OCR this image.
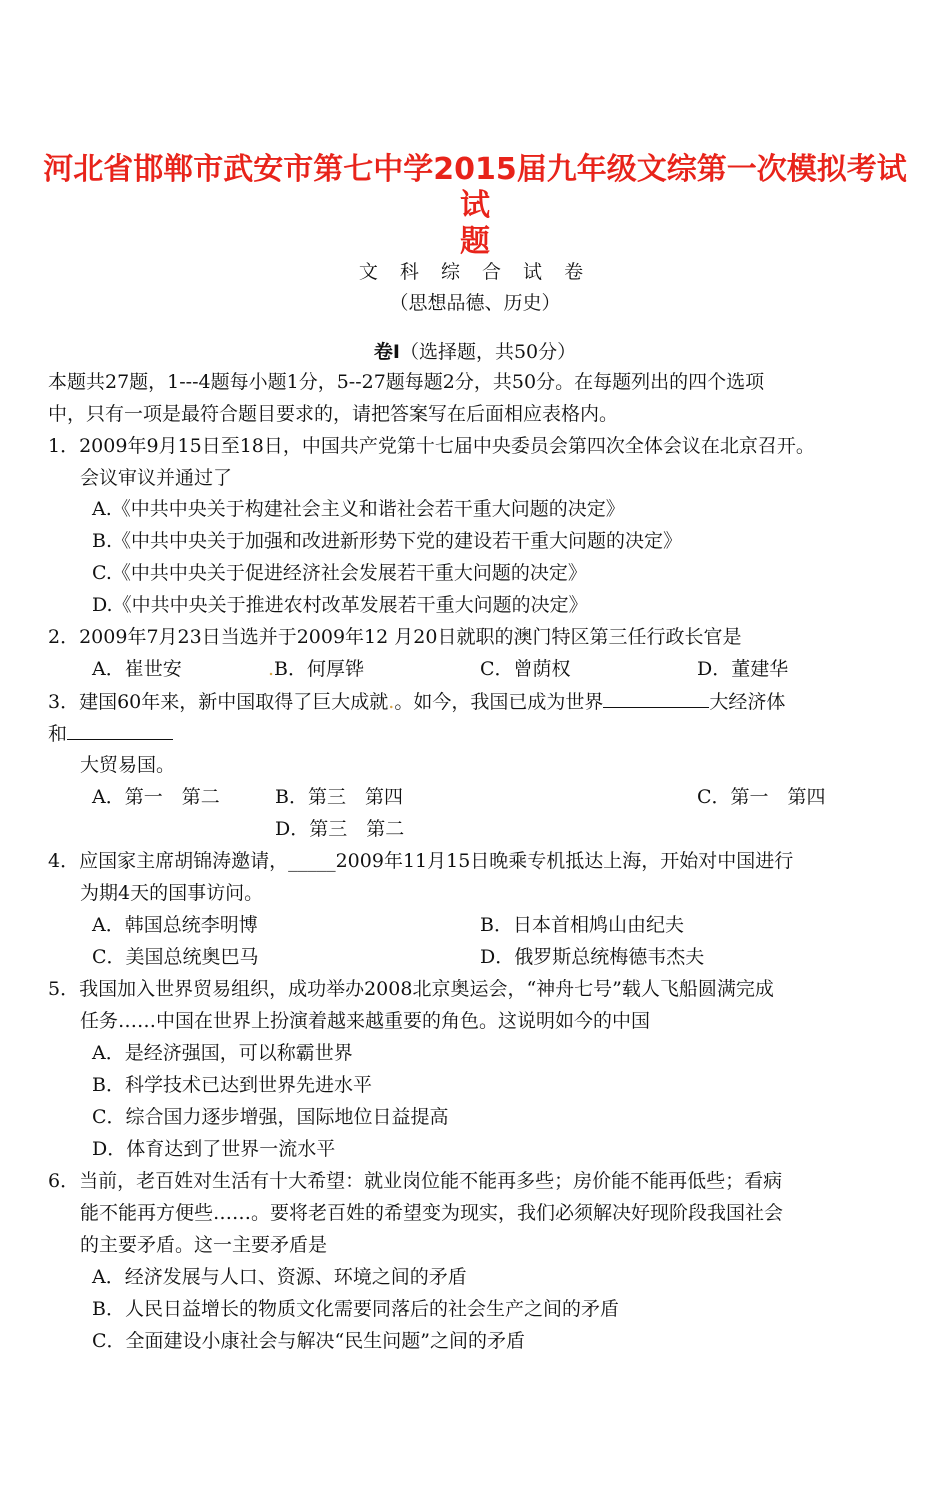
河北省邯郸市武安市第七中学2015届九年级文综第一次模拟考试试
题
文 科 综 合 试 卷
（思想品德、历史）
卷Ⅰ（选择题，共50分）
本题共27题，1---4题每小题1分，5--27题每题2分，共50分。在每题列出的四个选项
中，只有一项是最符合题目要求的，请把答案写在后面相应表格内。
1．2009年9月15日至18日，中国共产党第十七届中央委员会第四次全体会议在北京召开。
会议审议并通过了
A.《中共中央关于构建社会主义和谐社会若干重大问题的决定》
B.《中共中央关于加强和改进新形势下党的建设若干重大问题的决定》
C.《中共中央关于促进经济社会发展若干重大问题的决定》
D.《中共中央关于推进农村改革发展若干重大问题的决定》
2．2009年7月23日当选并于2009年12 月20日就职的澳门特区第三任行政长官是
A．崔世安	.B．何厚铧	C．曾荫权	D．董建华
3．建国60年来，新中国取得了巨大成就.。如今，我国已成为世界	大经济体
和
大贸易国。
A．第一　第二	B．第三　第四	C．第一　第四
D．第三　第二
4．应国家主席胡锦涛邀请，_____2009年11月15日晚乘专机抵达上海，开始对中国进行
为期4天的国事访问。
A．韩国总统李明博	B．日本首相鸠山由纪夫
C．美国总统奥巴马	D．俄罗斯总统梅德韦杰夫
5．我国加入世界贸易组织，成功举办2008北京奥运会，“神舟七号”载人飞船圆满完成
任务……中国在世界上扮演着越来越重要的角色。这说明如今的中国
A．是经济强国，可以称霸世界
B．科学技术已达到世界先进水平
C．综合国力逐步增强，国际地位日益提高
D．体育达到了世界一流水平
6．当前，老百姓对生活有十大希望：就业岗位能不能再多些；房价能不能再低些；看病
能不能再方便些……。要将老百姓的希望变为现实，我们必须解决好现阶段我国社会
的主要矛盾。这一主要矛盾是
A．经济发展与人口、资源、环境之间的矛盾
B．人民日益增长的物质文化需要同落后的社会生产之间的矛盾
C．全面建设小康社会与解决“民生问题”之间的矛盾
